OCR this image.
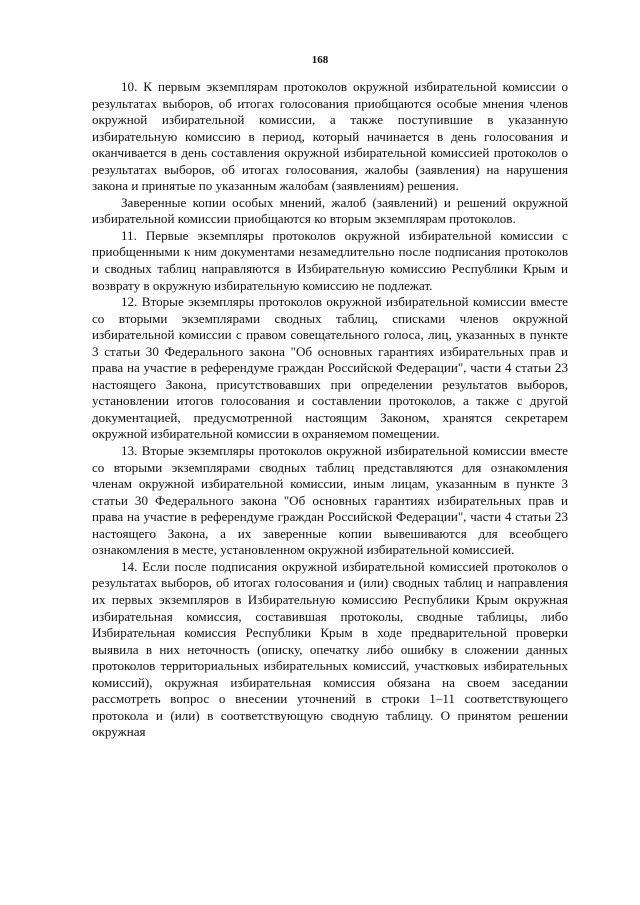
168

10. К первым экземплярам протоколов окружной избирательной комиссии о результатах выборов, об итогах голосования приобщаются особые мнения членов окружной избирательной комиссии, а также поступившие в указанную избирательную комиссию в период, который начинается в день голосования и оканчивается в день составления окружной избирательной комиссией протоколов о результатах выборов, об итогах голосования, жалобы (заявления) на нарушения закона и принятые по указанным жалобам (заявлениям) решения.

Заверенные копии особых мнений, жалоб (заявлений) и решений окружной избирательной комиссии приобщаются ко вторым экземплярам протоколов.

11. Первые экземпляры протоколов окружной избирательной комиссии с приобщенными к ним документами незамедлительно после подписания протоколов и сводных таблиц направляются в Избирательную комиссию Республики Крым и возврату в окружную избирательную комиссию не подлежат.

12. Вторые экземпляры протоколов окружной избирательной комиссии вместе со вторыми экземплярами сводных таблиц, списками членов окружной избирательной комиссии с правом совещательного голоса, лиц, указанных в пункте 3 статьи 30 Федерального закона "Об основных гарантиях избирательных прав и права на участие в референдуме граждан Российской Федерации", части 4 статьи 23 настоящего Закона, присутствовавших при определении результатов выборов, установлении итогов голосования и составлении протоколов, а также с другой документацией, предусмотренной настоящим Законом, хранятся секретарем окружной избирательной комиссии в охраняемом помещении.

13. Вторые экземпляры протоколов окружной избирательной комиссии вместе со вторыми экземплярами сводных таблиц представляются для ознакомления членам окружной избирательной комиссии, иным лицам, указанным в пункте 3 статьи 30 Федерального закона "Об основных гарантиях избирательных прав и права на участие в референдуме граждан Российской Федерации", части 4 статьи 23 настоящего Закона, а их заверенные копии вывешиваются для всеобщего ознакомления в месте, установленном окружной избирательной комиссией.

14. Если после подписания окружной избирательной комиссией протоколов о результатах выборов, об итогах голосования и (или) сводных таблиц и направления их первых экземпляров в Избирательную комиссию Республики Крым окружная избирательная комиссия, составившая протоколы, сводные таблицы, либо Избирательная комиссия Республики Крым в ходе предварительной проверки выявила в них неточность (описку, опечатку либо ошибку в сложении данных протоколов территориальных избирательных комиссий, участковых избирательных комиссий), окружная избирательная комиссия обязана на своем заседании рассмотреть вопрос о внесении уточнений в строки 1–11 соответствующего протокола и (или) в соответствующую сводную таблицу. О принятом решении окружная
